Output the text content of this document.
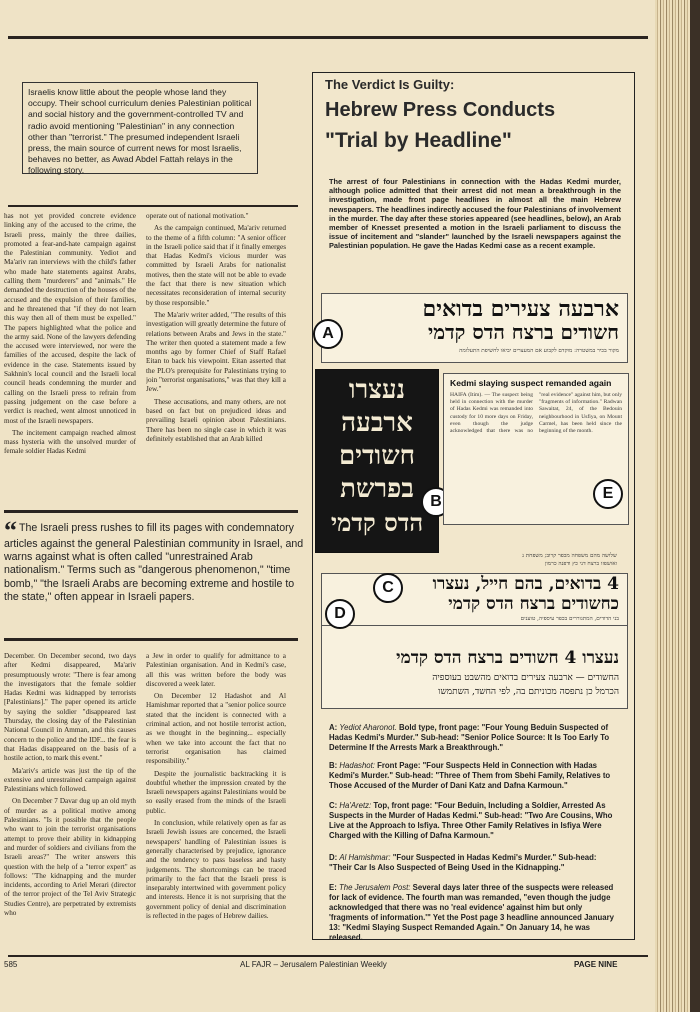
Israelis know little about the people whose land they occupy. Their school curriculum denies Palestinian political and social history and the government-controlled TV and radio avoid mentioning "Palestinian" in any connection other than "terrorist." The presumed independent Israeli press, the main source of current news for most Israelis, behaves no better, as Awad Abdel Fattah relays in the following story.

has not yet provided concrete evidence linking any of the accused to the crime, the Israeli press, mainly the three dailies, promoted a fear-and-hate campaign against the Palestinian community. Yediot and Ma'ariv ran interviews with the child's father who made hate statements against Arabs, calling them "murderers" and "animals." He demanded the destruction of the houses of the accused and the expulsion of their families, and he threatened that "if they do not learn this way then all of them must be expelled." The papers highlighted what the police and the army said. None of the lawyers defending the accused were interviewed, nor were the families of the accused, despite the lack of evidence in the case. Statements issued by Sakhnin's local council and the Israeli local council heads condemning the murder and calling on the Israeli press to refrain from passing judgement on the case before a verdict is reached, went almost unnoticed in most of the Israeli newspapers.

The incitement campaign reached almost mass hysteria with the unsolved murder of female soldier Hadas Kedmi

operate out of national motivation."

As the campaign continued, Ma'ariv returned to the theme of a fifth column: "A senior officer in the Israeli police said that if it finally emerges that Hadas Kedmi's vicious murder was committed by Israeli Arabs for nationalist motives, then the state will not be able to evade the fact that there is new situation which necessitates reconsideration of internal security by those responsible."

The Ma'ariv writer added, "The results of this investigation will greatly determine the future of relations between Arabs and Jews in the state." The writer then quoted a statement made a few months ago by former Chief of Staff Rafael Eitan to back his viewpoint. Eitan asserted that the PLO's prerequisite for Palestinians trying to join "terrorist organisations," was that they kill a Jew."

These accusations, and many others, are not based on fact but on prejudiced ideas and prevailing Israeli opinion about Palestinians. There has been no single case in which it was definitely established that an Arab killed

“ The Israeli press rushes to fill its pages with condemnatory articles against the general Palestinian community in Israel, and warns against what is often called "unrestrained Arab nationalism." Terms such as "dangerous phenomenon," "time bomb," "the Israeli Arabs are becoming extreme and hostile to the state," often appear in Israeli papers.

December. On December second, two days after Kedmi disappeared, Ma'ariv presumptuously wrote: "There is fear among the investigators that the female soldier Hadas Kedmi was kidnapped by terrorists [Palestinians]." The paper opened its article by saying the soldier "disappeared last Thursday, the closing day of the Palestinian National Council in Amman, and this causes concern to the police and the IDF... the fear is that Hadas disappeared on the basis of a hostile action, to mark this event."

Ma'ariv's article was just the tip of the extensive and unrestrained campaign against Palestinians which followed.

On December 7 Davar dug up an old myth of murder as a political motive among Palestinians. "Is it possible that the people who want to join the terrorist organisations attempt to prove their ability in kidnapping and murder of soldiers and civilians from the Israeli areas?" The writer answers this question with the help of a "terror expert" as follows: "The kidnapping and the murder incidents, according to Ariel Merari (director of the terror project of the Tel Aviv Strategic Studies Centre), are perpetrated by extremists who

a Jew in order to qualify for admittance to a Palestinian organisation. And in Kedmi's case, all this was written before the body was discovered a week later.

On December 12 Hadashot and Al Hamishmar reported that a "senior police source stated that the incident is connected with a criminal action, and not hostile terrorist action, as we thought in the beginning... especially when we take into account the fact that no terrorist organisation has claimed responsibility."

Despite the journalistic backtracking it is doubtful whether the impression created by the Israeli newspapers against Palestinians would be so easily erased from the minds of the Israeli public.

In conclusion, while relatively open as far as Israeli Jewish issues are concerned, the Israeli newspapers' handling of Palestinian issues is generally characterised by prejudice, ignorance and the tendency to pass baseless and hasty judgements. The shortcomings can be traced primarily to the fact that the Israeli press is inseparably intertwined with government policy and interests. Hence it is not surprising that the government policy of denial and discrimination is reflected in the pages of Hebrew dailies.

The Verdict Is Guilty:
Hebrew Press Conducts
"Trial by Headline"
The arrest of four Palestinians in connection with the Hadas Kedmi murder, although police admitted that their arrest did not mean a breakthrough in the investigation, made front page headlines in almost all the main Hebrew newspapers. The headlines indirectly accused the four Palestinians of involvement in the murder. The day after these stories appeared (see headlines, below), an Arab member of Knesset presented a motion in the Israeli parliament to discuss the issue of incitement and "slander" launched by the Israeli newspapers against the Palestinian population. He gave the Hadas Kedmi case as a recent example.
ארבעה צעירים בדואים
חשודים ברצח הדס קדמי
מקור בכיר במשטרה: מוקדם לקבוע אם המעצרים יביאו לחשיפת התעלומה
A
נעצרו
ארבעה
חשודים
בפרשת
הדס קדמי
B
שלושה מהם משפחה מכפר קרוב; משפחת נ
ואושפזו ברצח דני כץ ודפנה כרמון
Kedmi slaying suspect remanded again
HAIFA (Itim). — The suspect being held in connection with the murder of Hadas Kedmi was remanded into custody for 10 more days on Friday, even though the judge acknowledged that there was no "real evidence" against him, but only "fragments of information." Radwan Sawaitat, 24, of the Bedouin neighbourhood in Usfiya, on Mount Carmel, has been held since the beginning of the month.
E
4 בדואים, בהם חייל, נעצרו
כחשודים ברצח הדס קדמי
בני הדודים, המתגוררים בכפר עיספיה, טוענים
C
נעצרו 4 חשודים ברצח הדס קדמי
החשודים — ארבעה צעירים בדואים מהשבט בעוספיה
הכרמל כן נתפסה מכוניתם בה, לפי החשד, השתמשו
D
A: Yediot Aharonot. Bold type, front page: "Four Young Beduin Suspected of Hadas Kedmi's Murder." Sub-head: "Senior Police Source: It Is Too Early To Determine If the Arrests Mark a Breakthrough."
B: Hadashot: Front Page: "Four Suspects Held in Connection with Hadas Kedmi's Murder." Sub-head: "Three of Them from Sbehi Family, Relatives to Those Accused of the Murder of Dani Katz and Dafna Karmoun."
C: Ha'Aretz: Top, front page: "Four Beduin, Including a Soldier, Arrested As Suspects in the Murder of Hadas Kedmi." Sub-head: "Two Are Cousins, Who Live at the Approach to Isfiya. Three Other Family Relatives in Isfiya Were Charged with the Killing of Dafna Karmoun."
D: Al Hamishmar: "Four Suspected in Hadas Kedmi's Murder." Sub-head: "Their Car Is Also Suspected of Being Used in the Kidnapping."
E: The Jerusalem Post: Several days later three of the suspects were released for lack of evidence. The fourth man was remanded, "even though the judge acknowledged that there was no 'real evidence' against him but only 'fragments of information.'" Yet the Post page 3 headline announced January 13: "Kedmi Slaying Suspect Remanded Again." On January 14, he was released.
585	AL FAJR – Jerusalem Palestinian Weekly	PAGE NINE
